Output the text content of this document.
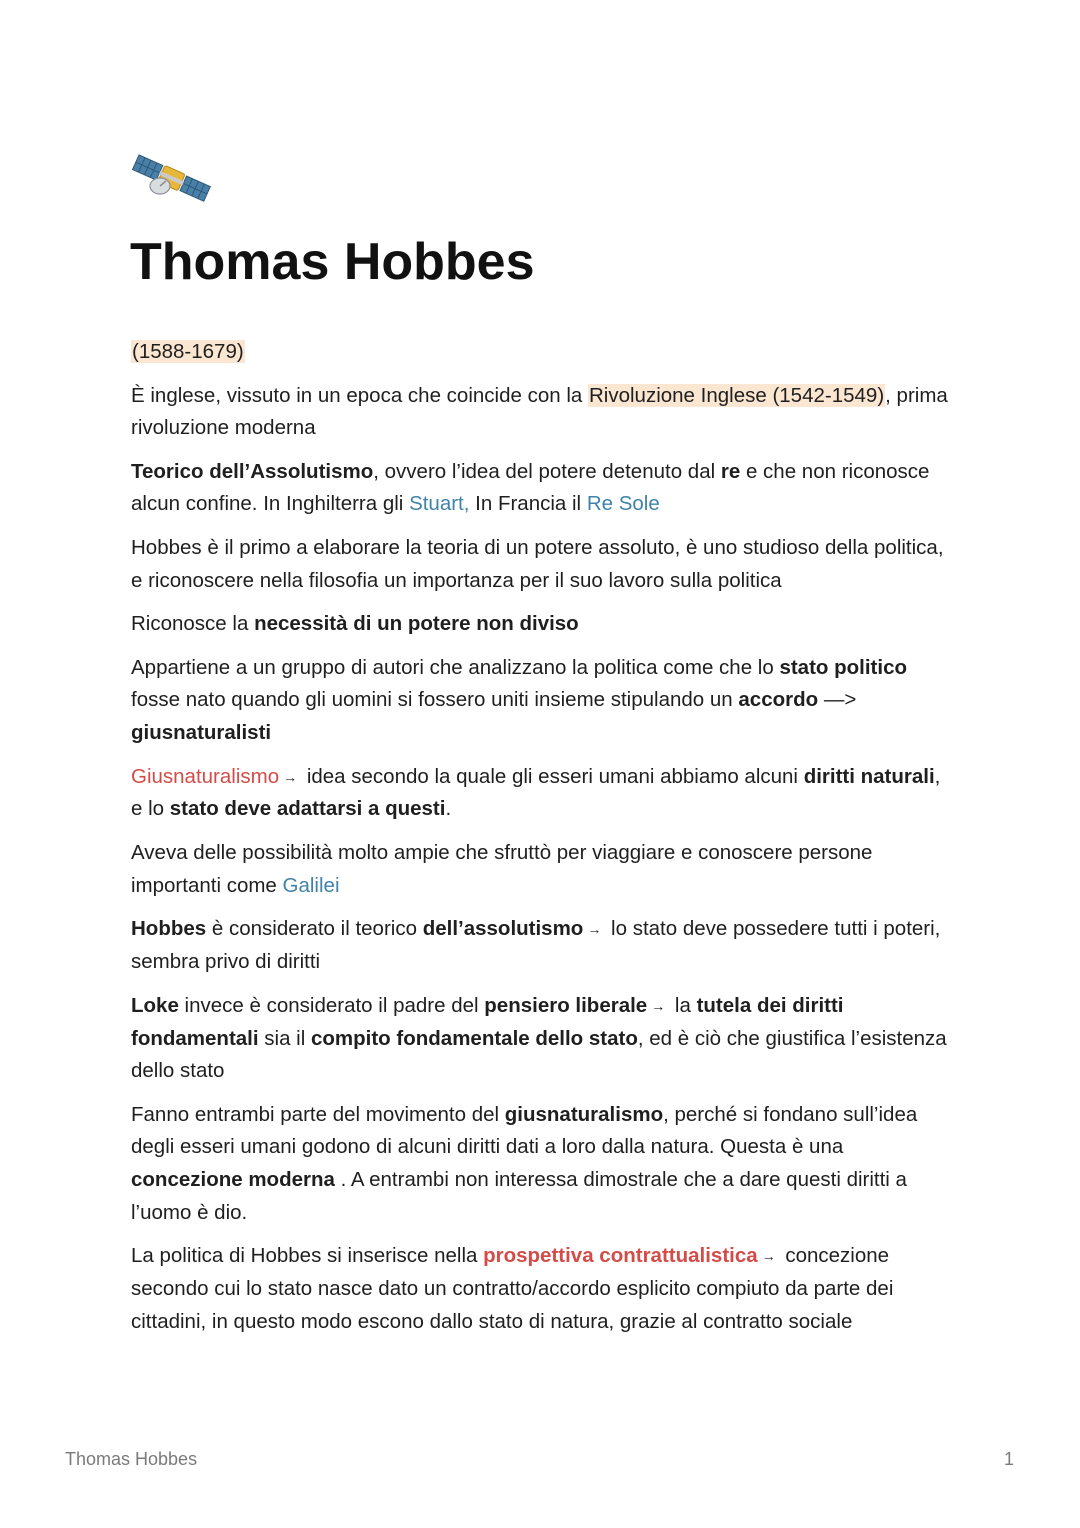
Thomas Hobbes

(1588-1679)

È inglese, vissuto in un epoca che coincide con la Rivoluzione Inglese (1542-1549), prima rivoluzione moderna

Teorico dell’Assolutismo, ovvero l’idea del potere detenuto dal re e che non riconosce alcun confine. In Inghilterra gli Stuart, In Francia il Re Sole

Hobbes è il primo a elaborare la teoria di un potere assoluto, è uno studioso della politica, e riconoscere nella filosofia un importanza per il suo lavoro sulla politica

Riconosce la necessità di un potere non diviso

Appartiene a un gruppo di autori che analizzano la politica come che lo stato politico fosse nato quando gli uomini si fossero uniti insieme stipulando un accordo —> giusnaturalisti

Giusnaturalismo → idea secondo la quale gli esseri umani abbiamo alcuni diritti naturali, e lo stato deve adattarsi a questi.

Aveva delle possibilità molto ampie che sfruttò per viaggiare e conoscere persone importanti come Galilei

Hobbes è considerato il teorico dell’assolutismo → lo stato deve possedere tutti i poteri, sembra privo di diritti

Loke invece è considerato il padre del pensiero liberale → la tutela dei diritti fondamentali sia il compito fondamentale dello stato, ed è ciò che giustifica l’esistenza dello stato

Fanno entrambi parte del movimento del giusnaturalismo, perché si fondano sull’idea degli esseri umani godono di alcuni diritti dati a loro dalla natura. Questa è una concezione moderna . A entrambi non interessa dimostrale che a dare questi diritti a l’uomo è dio.

La politica di Hobbes si inserisce nella prospettiva contrattualistica → concezione secondo cui lo stato nasce dato un contratto/accordo esplicito compiuto da parte dei cittadini, in questo modo escono dallo stato di natura, grazie al contratto sociale

Thomas Hobbes	1
